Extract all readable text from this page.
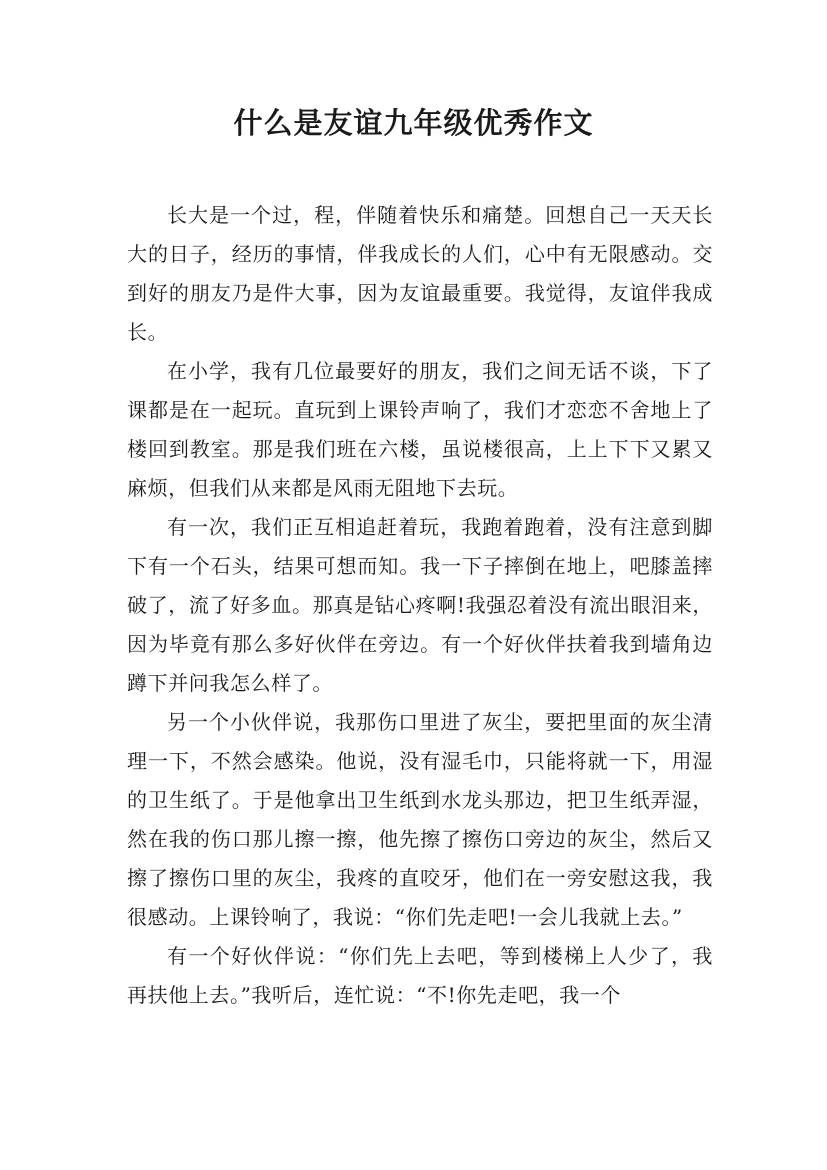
什么是友谊九年级优秀作文

长大是一个过，程，伴随着快乐和痛楚。回想自己一天天长大的日子，经历的事情，伴我成长的人们，心中有无限感动。交到好的朋友乃是件大事，因为友谊最重要。我觉得，友谊伴我成长。

在小学，我有几位最要好的朋友，我们之间无话不谈，下了课都是在一起玩。直玩到上课铃声响了，我们才恋恋不舍地上了楼回到教室。那是我们班在六楼，虽说楼很高，上上下下又累又麻烦，但我们从来都是风雨无阻地下去玩。

有一次，我们正互相追赶着玩，我跑着跑着，没有注意到脚下有一个石头，结果可想而知。我一下子摔倒在地上，吧膝盖摔破了，流了好多血。那真是钻心疼啊!我强忍着没有流出眼泪来，因为毕竟有那么多好伙伴在旁边。有一个好伙伴扶着我到墙角边蹲下并问我怎么样了。

另一个小伙伴说，我那伤口里进了灰尘，要把里面的灰尘清理一下，不然会感染。他说，没有湿毛巾，只能将就一下，用湿的卫生纸了。于是他拿出卫生纸到水龙头那边，把卫生纸弄湿，然在我的伤口那儿擦一擦，他先擦了擦伤口旁边的灰尘，然后又擦了擦伤口里的灰尘，我疼的直咬牙，他们在一旁安慰这我，我很感动。上课铃响了，我说：“你们先走吧!一会儿我就上去。”

有一个好伙伴说：“你们先上去吧，等到楼梯上人少了，我再扶他上去。”我听后，连忙说：“不!你先走吧，我一个
